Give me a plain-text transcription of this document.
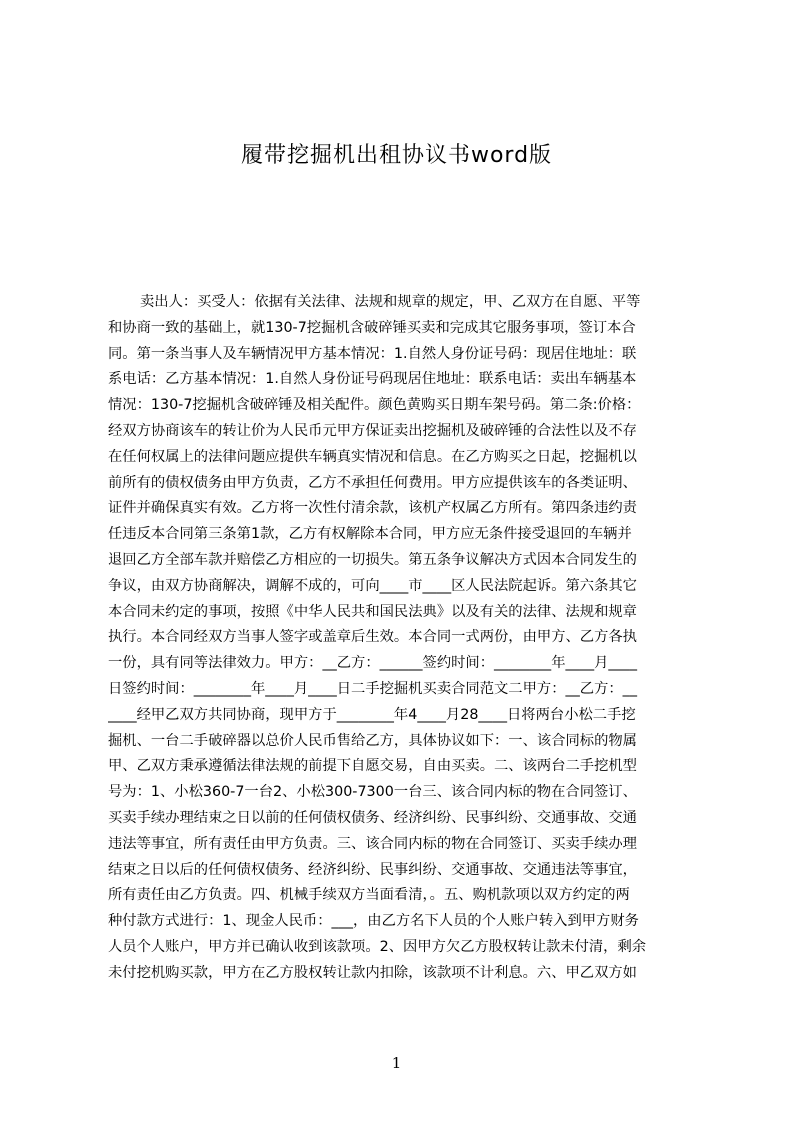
履带挖掘机出租协议书word版
卖出人：买受人：依据有关法律、法规和规章的规定，甲、乙双方在自愿、平等
和协商一致的基础上，就130-7挖掘机含破碎锤买卖和完成其它服务事项，签订本合
同。第一条当事人及车辆情况甲方基本情况：1.自然人身份证号码：现居住地址：联
系电话：乙方基本情况：1.自然人身份证号码现居住地址：联系电话：卖出车辆基本
情况：130-7挖掘机含破碎锤及相关配件。颜色黄购买日期车架号码。第二条:价格：
经双方协商该车的转让价为人民币元甲方保证卖出挖掘机及破碎锤的合法性以及不存
在任何权属上的法律问题应提供车辆真实情况和信息。在乙方购买之日起，挖掘机以
前所有的债权债务由甲方负责，乙方不承担任何费用。甲方应提供该车的各类证明、
证件并确保真实有效。乙方将一次性付清余款，该机产权属乙方所有。第四条违约责
任违反本合同第三条第1款，乙方有权解除本合同，甲方应无条件接受退回的车辆并
退回乙方全部车款并赔偿乙方相应的一切损失。第五条争议解决方式因本合同发生的
争议，由双方协商解决，调解不成的，可向____市____区人民法院起诉。第六条其它
本合同未约定的事项，按照《中华人民共和国民法典》以及有关的法律、法规和规章
执行。本合同经双方当事人签字或盖章后生效。本合同一式两份，由甲方、乙方各执
一份，具有同等法律效力。甲方：__乙方：______签约时间：________年____月____
日签约时间：________年____月____日二手挖掘机买卖合同范文二甲方：__乙方：__
____经甲乙双方共同协商，现甲方于________年4____月28____日将两台小松二手挖
掘机、一台二手破碎器以总价人民币售给乙方，具体协议如下：一、该合同标的物属
甲、乙双方秉承遵循法律法规的前提下自愿交易，自由买卖。二、该两台二手挖机型
号为：1、小松360-7一台2、小松300-7300一台三、该合同内标的物在合同签订、
买卖手续办理结束之日以前的任何债权债务、经济纠纷、民事纠纷、交通事故、交通
违法等事宜，所有责任由甲方负责。三、该合同内标的物在合同签订、买卖手续办理
结束之日以后的任何债权债务、经济纠纷、民事纠纷、交通事故、交通违法等事宜，
所有责任由乙方负责。四、机械手续双方当面看清，。五、购机款项以双方约定的两
种付款方式进行：1、现金人民币：___，由乙方名下人员的个人账户转入到甲方财务
人员个人账户，甲方并已确认收到该款项。2、因甲方欠乙方股权转让款未付清，剩余
未付挖机购买款，甲方在乙方股权转让款内扣除，该款项不计利息。六、甲乙双方如
1
